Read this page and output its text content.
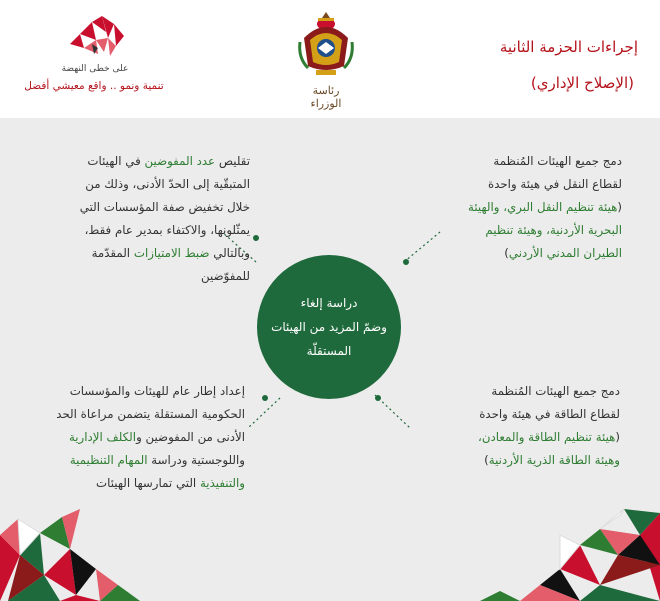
إجراءات الحزمة الثانية
(الإصلاح الإداري)
رئاسة الوزراء
على خطى النهضة
تنمية ونمو .. واقع معيشي أفضل
دمج جميع الهيئات المُنظمة
لقطاع النقل في هيئة واحدة
(هيئة تنظيم النقل البري، والهيئة
البحرية الأردنية، وهيئة تنظيم
الطيران المدني الأردني)
تقليص عدد المفوضين في الهيئات
المتبقّية إلى الحدّ الأدنى، وذلك من
خلال تخفيض صفة المؤسسات التي
يمثّلونها، والاكتفاء بمدير عام فقط،
وبالتالي ضبط الامتيازات المقدّمة
للمفوّضين
دمج جميع الهيئات المُنظمة
لقطاع الطاقة في هيئة واحدة
(هيئة تنظيم الطاقة والمعادن،
وهيئة الطاقة الذرية الأردنية)
إعداد إطار عام للهيئات والمؤسسات
الحكومية المستقلة يتضمن مراعاة الحد
الأدنى من المفوضين والكلف الإدارية
واللوجستية ودراسة المهام التنظيمية
والتنفيذية التي تمارسها الهيئات
دراسة إلغاء
وضمّ المزيد من الهيئات
المستقلّة
